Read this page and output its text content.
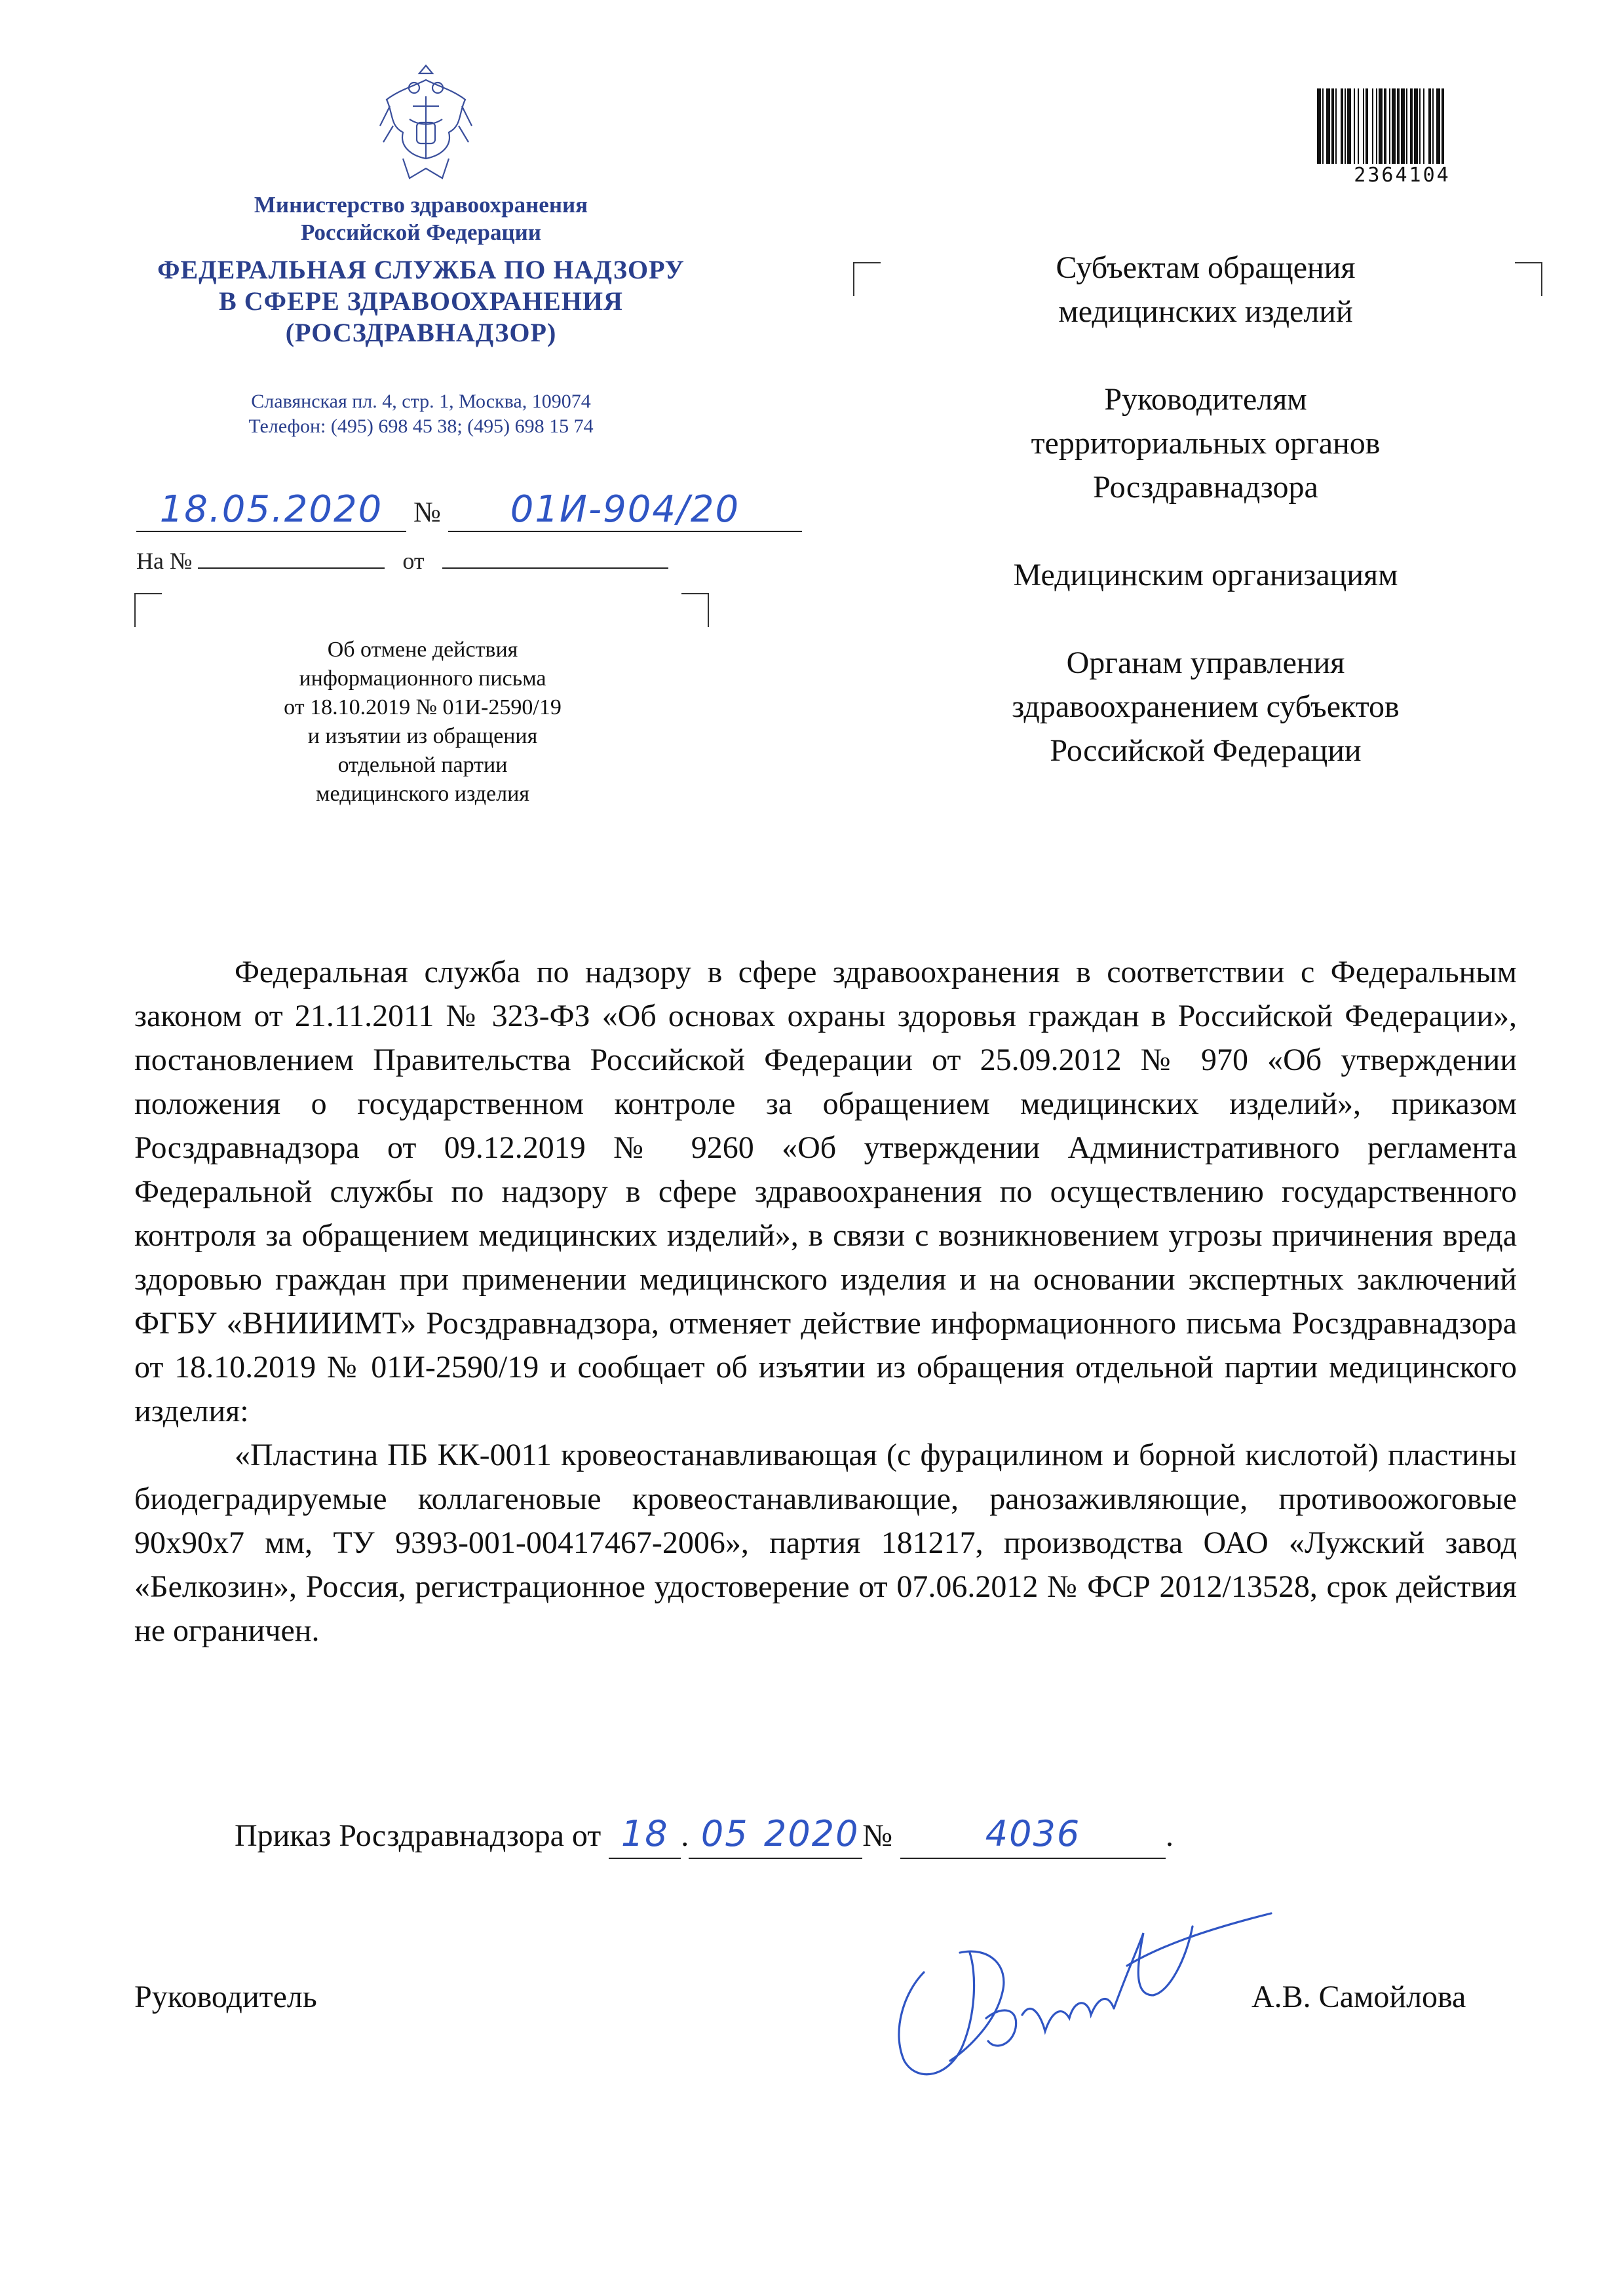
Министерство здравоохранения
Российской Федерации
ФЕДЕРАЛЬНАЯ СЛУЖБА ПО НАДЗОРУ
В СФЕРЕ ЗДРАВООХРАНЕНИЯ
(РОСЗДРАВНАДЗОР)
Славянская пл. 4, стр. 1, Москва, 109074
Телефон: (495) 698 45 38; (495) 698 15 74
18.05.2020 № 01И-904/20
На №	от
Об отмене действия
информационного письма
от 18.10.2019 № 01И-2590/19
и изъятии из обращения
отдельной партии
медицинского изделия
2364104

Субъектам обращения
медицинских изделий

Руководителям
территориальных органов
Росздравнадзора

Медицинским организациям

Органам управления
здравоохранением субъектов
Российской Федерации

Федеральная служба по надзору в сфере здравоохранения в соответствии с Федеральным законом от 21.11.2011 № 323-ФЗ «Об основах охраны здоровья граждан в Российской Федерации», постановлением Правительства Российской Федерации от 25.09.2012 № 970 «Об утверждении положения о государственном контроле за обращением медицинских изделий», приказом Росздравнадзора от 09.12.2019 № 9260 «Об утверждении Административного регламента Федеральной службы по надзору в сфере здравоохранения по осуществлению государственного контроля за обращением медицинских изделий», в связи с возникновением угрозы причинения вреда здоровью граждан при применении медицинского изделия и на основании экспертных заключений ФГБУ «ВНИИИМТ» Росздравнадзора, отменяет действие информационного письма Росздравнадзора от 18.10.2019 № 01И-2590/19 и сообщает об изъятии из обращения отдельной партии медицинского изделия:

«Пластина ПБ КК-0011 кровеостанавливающая (с фурацилином и борной кислотой) пластины биодеградируемые коллагеновые кровеостанавливающие, ранозаживляющие, противоожоговые 90х90х7 мм, ТУ 9393-001-00417467-2006», партия 181217, производства ОАО «Лужский завод «Белкозин», Россия, регистрационное удостоверение от 07.06.2012 № ФСР 2012/13528, срок действия не ограничен.

Приказ Росздравнадзора от 18 . 05 2020№	4036	.
Руководитель	А.В. Самойлова
